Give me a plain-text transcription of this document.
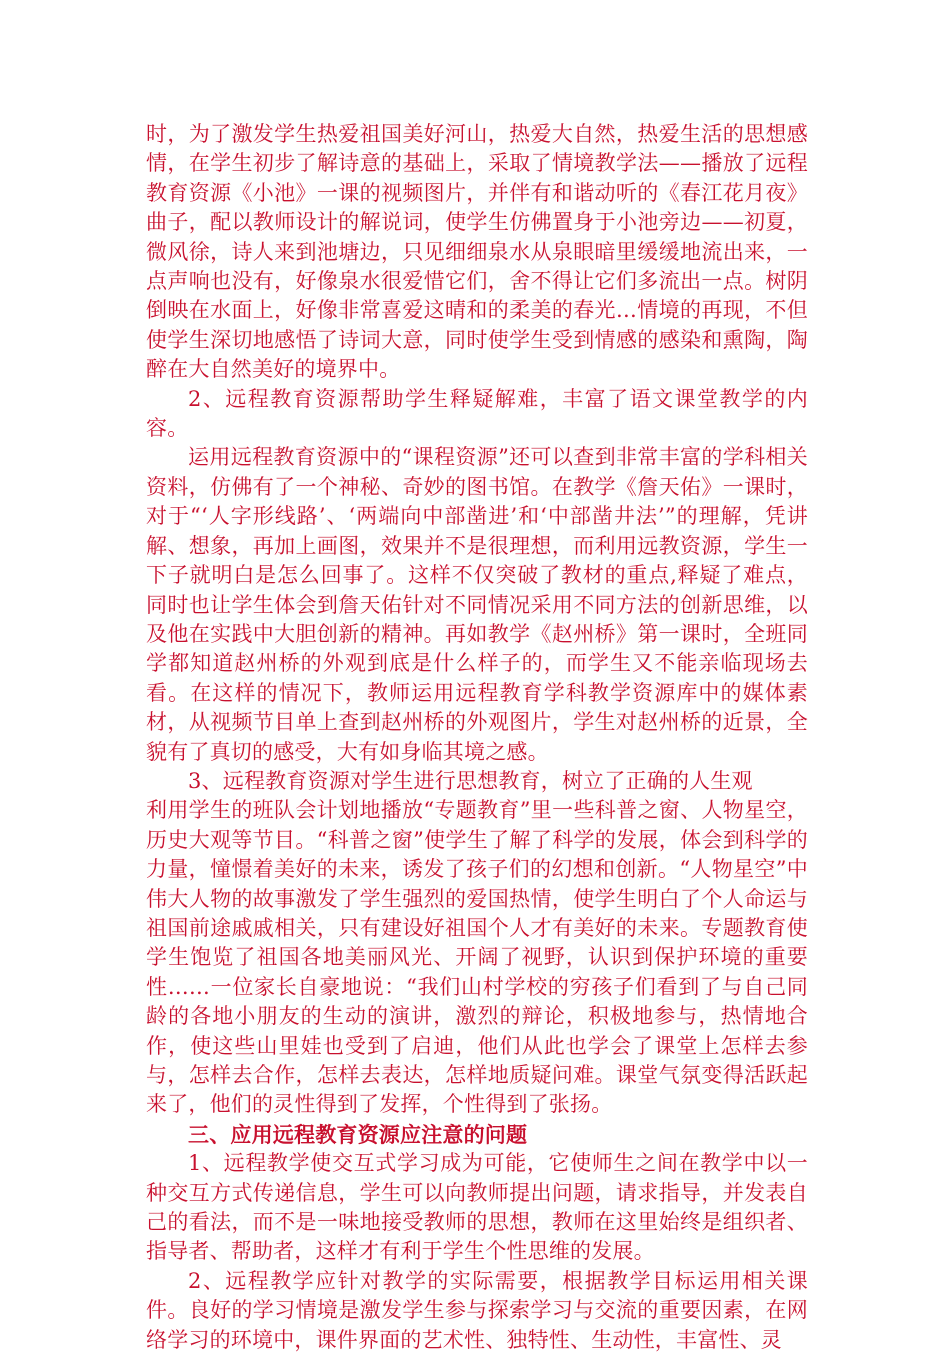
时，为了激发学生热爱祖国美好河山，热爱大自然，热爱生活的思想感情，在学生初步了解诗意的基础上，采取了情境教学法——播放了远程教育资源《小池》一课的视频图片，并伴有和谐动听的《春江花月夜》曲子，配以教师设计的解说词，使学生仿佛置身于小池旁边——初夏，微风徐，诗人来到池塘边，只见细细泉水从泉眼暗里缓缓地流出来，一点声响也没有，好像泉水很爱惜它们，舍不得让它们多流出一点。树阴倒映在水面上，好像非常喜爱这晴和的柔美的春光…情境的再现，不但使学生深切地感悟了诗词大意，同时使学生受到情感的感染和熏陶，陶醉在大自然美好的境界中。

2、远程教育资源帮助学生释疑解难，丰富了语文课堂教学的内容。

运用远程教育资源中的“课程资源”还可以查到非常丰富的学科相关资料，仿佛有了一个神秘、奇妙的图书馆。在教学《詹天佑》一课时，对于“‘人字形线路’、‘两端向中部凿进’和‘中部凿井法’”的理解，凭讲解、想象，再加上画图，效果并不是很理想，而利用远教资源，学生一下子就明白是怎么回事了。这样不仅突破了教材的重点,释疑了难点，同时也让学生体会到詹天佑针对不同情况采用不同方法的创新思维，以及他在实践中大胆创新的精神。再如教学《赵州桥》第一课时，全班同学都知道赵州桥的外观到底是什么样子的，而学生又不能亲临现场去看。在这样的情况下，教师运用远程教育学科教学资源库中的媒体素材，从视频节目单上查到赵州桥的外观图片，学生对赵州桥的近景，全貌有了真切的感受，大有如身临其境之感。

3、远程教育资源对学生进行思想教育，树立了正确的人生观

利用学生的班队会计划地播放“专题教育”里一些科普之窗、人物星空，历史大观等节目。“科普之窗”使学生了解了科学的发展，体会到科学的力量，憧憬着美好的未来，诱发了孩子们的幻想和创新。“人物星空”中伟大人物的故事激发了学生强烈的爱国热情，使学生明白了个人命运与祖国前途戚戚相关，只有建设好祖国个人才有美好的未来。专题教育使学生饱览了祖国各地美丽风光、开阔了视野，认识到保护环境的重要性……一位家长自豪地说：“我们山村学校的穷孩子们看到了与自己同龄的各地小朋友的生动的演讲，激烈的辩论，积极地参与，热情地合作，使这些山里娃也受到了启迪，他们从此也学会了课堂上怎样去参与，怎样去合作，怎样去表达，怎样地质疑问难。课堂气氛变得活跃起来了，他们的灵性得到了发挥，个性得到了张扬。

三、应用远程教育资源应注意的问题

1、远程教学使交互式学习成为可能，它使师生之间在教学中以一种交互方式传递信息，学生可以向教师提出问题，请求指导，并发表自己的看法，而不是一味地接受教师的思想，教师在这里始终是组织者、指导者、帮助者，这样才有利于学生个性思维的发展。

2、远程教学应针对教学的实际需要，根据教学目标运用相关课件。良好的学习情境是激发学生参与探索学习与交流的重要因素，在网络学习的环境中，课件界面的艺术性、独特性、生动性，丰富性、灵
